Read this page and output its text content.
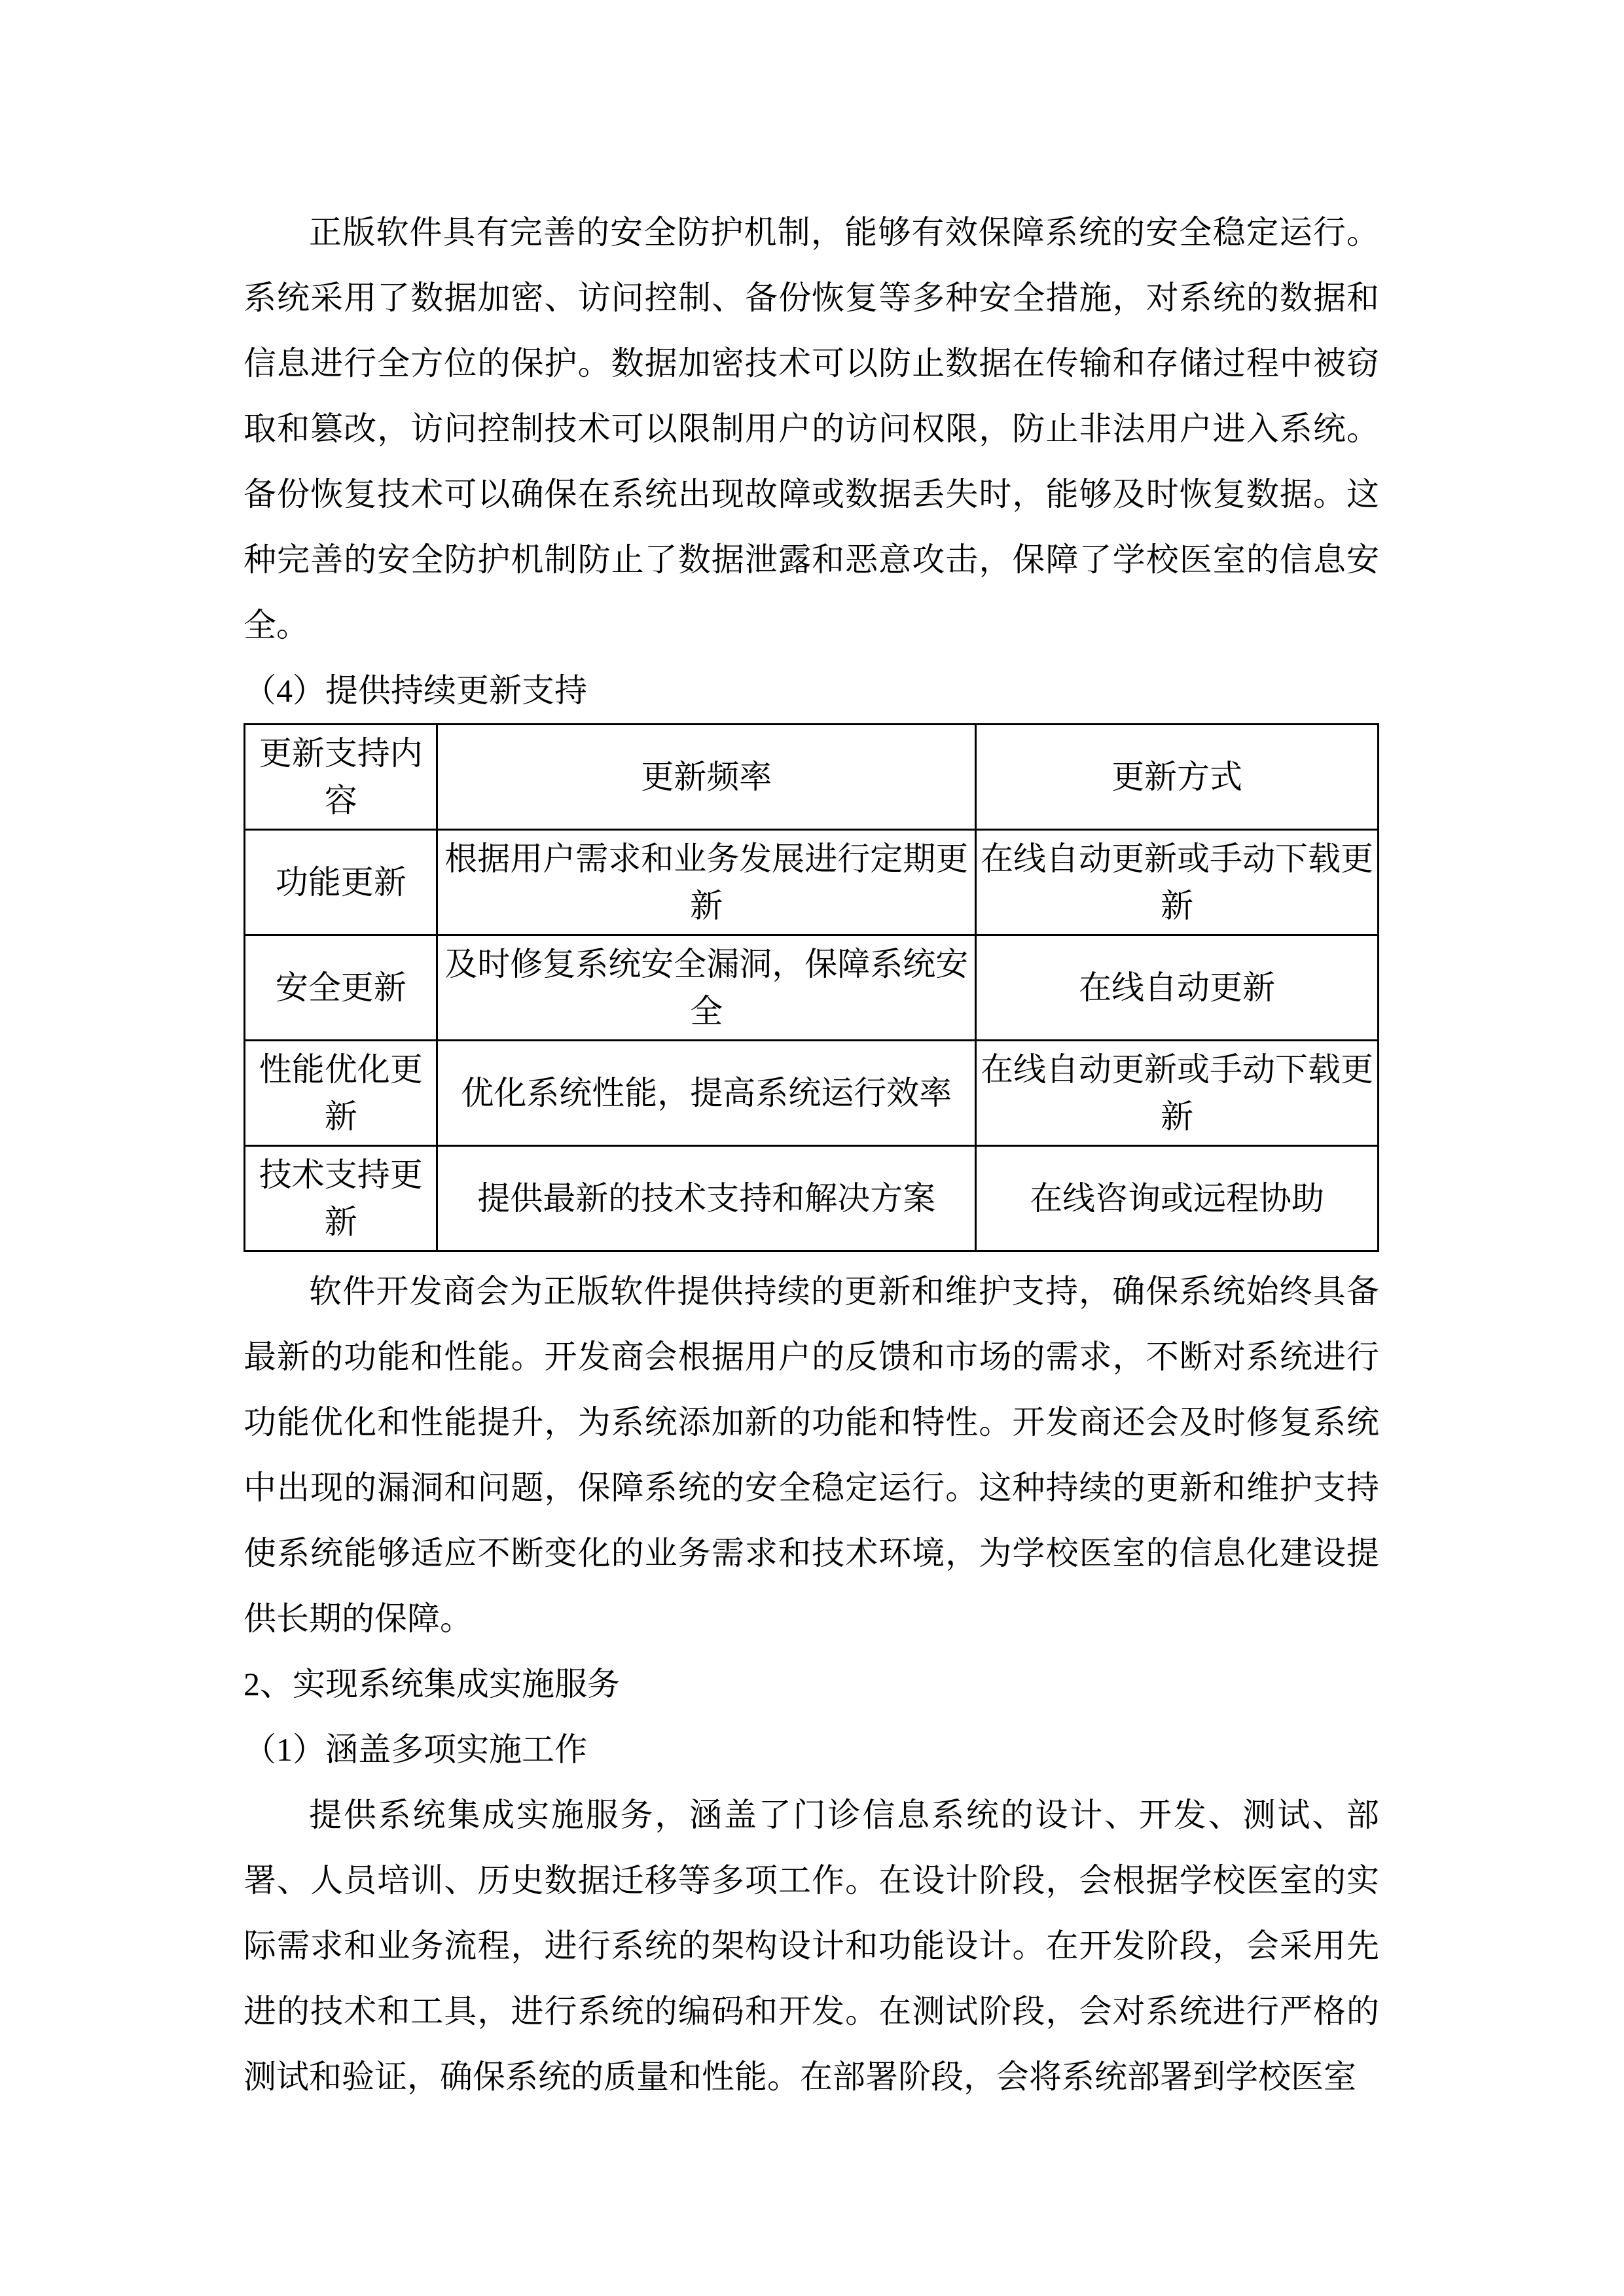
正版软件具有完善的安全防护机制，能够有效保障系统的安全稳定运行。系统采用了数据加密、访问控制、备份恢复等多种安全措施，对系统的数据和信息进行全方位的保护。数据加密技术可以防止数据在传输和存储过程中被窃取和篡改，访问控制技术可以限制用户的访问权限，防止非法用户进入系统。备份恢复技术可以确保在系统出现故障或数据丢失时，能够及时恢复数据。这种完善的安全防护机制防止了数据泄露和恶意攻击，保障了学校医室的信息安全。

（4）提供持续更新支持

更新支持内容	更新频率	更新方式
功能更新	根据用户需求和业务发展进行定期更新	在线自动更新或手动下载更新
安全更新	及时修复系统安全漏洞，保障系统安全	在线自动更新
性能优化更新	优化系统性能，提高系统运行效率	在线自动更新或手动下载更新
技术支持更新	提供最新的技术支持和解决方案	在线咨询或远程协助

软件开发商会为正版软件提供持续的更新和维护支持，确保系统始终具备最新的功能和性能。开发商会根据用户的反馈和市场的需求，不断对系统进行功能优化和性能提升，为系统添加新的功能和特性。开发商还会及时修复系统中出现的漏洞和问题，保障系统的安全稳定运行。这种持续的更新和维护支持使系统能够适应不断变化的业务需求和技术环境，为学校医室的信息化建设提供长期的保障。

2、实现系统集成实施服务

（1）涵盖多项实施工作

提供系统集成实施服务，涵盖了门诊信息系统的设计、开发、测试、部署、人员培训、历史数据迁移等多项工作。在设计阶段，会根据学校医室的实际需求和业务流程，进行系统的架构设计和功能设计。在开发阶段，会采用先进的技术和工具，进行系统的编码和开发。在测试阶段，会对系统进行严格的测试和验证，确保系统的质量和性能。在部署阶段，会将系统部署到学校医室
